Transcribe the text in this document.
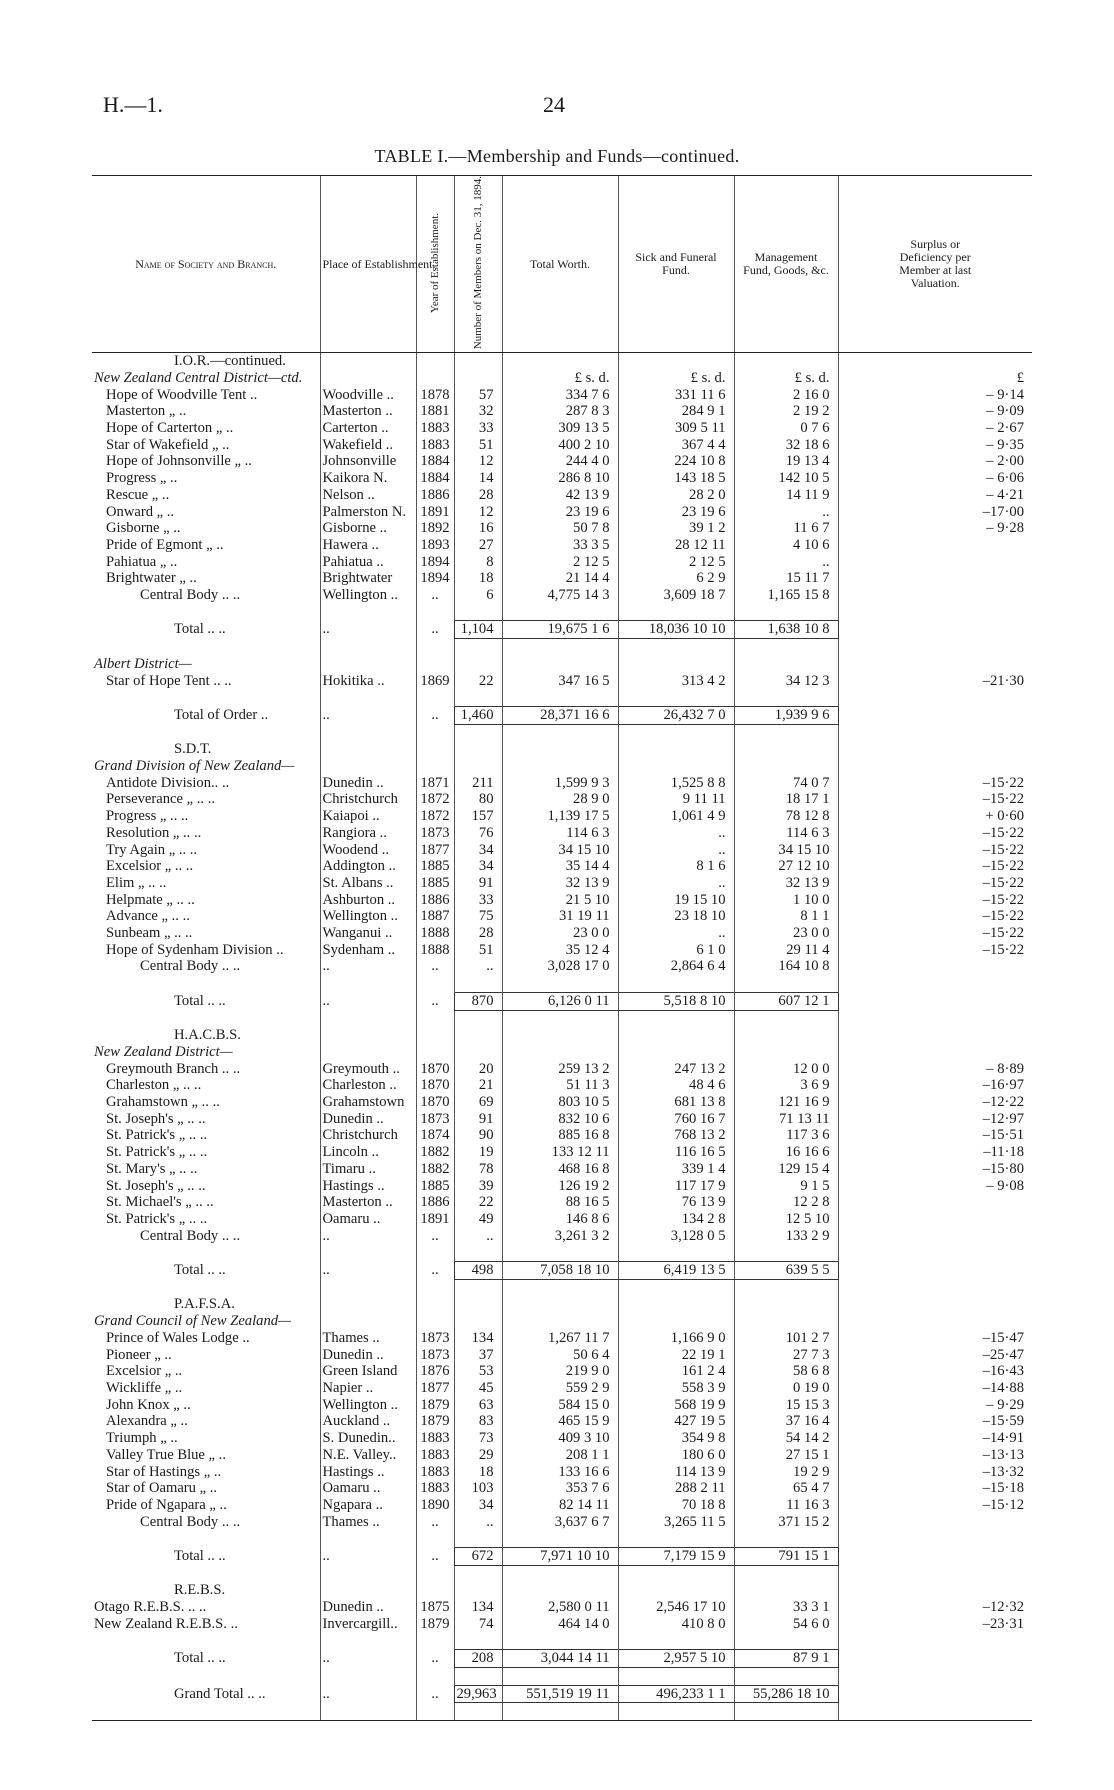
H.—1.	24
TABLE I.—Membership and Funds—continued.
Name of Society and Branch.	Place of Establishment.	Year of Establishment.	Number of Members on Dec. 31, 1894.	Total Worth.	Sick and Funeral Fund.	Management Fund, Goods, &c.	Surplus or Deficiency per Member at last Valuation.
I.O.R.—continued.							
New Zealand Central District—ctd.				£ s. d.	£ s. d.	£ s. d.	£
Hope of Woodville Tent ..	Woodville ..	1878	57	334 7 6	331 11 6	2 16 0	– 9·14
Masterton „ ..	Masterton ..	1881	32	287 8 3	284 9 1	2 19 2	– 9·09
Hope of Carterton „ ..	Carterton ..	1883	33	309 13 5	309 5 11	0 7 6	– 2·67
Star of Wakefield „ ..	Wakefield ..	1883	51	400 2 10	367 4 4	32 18 6	– 9·35
Hope of Johnsonville „ ..	Johnsonville	1884	12	244 4 0	224 10 8	19 13 4	– 2·00
Progress „ ..	Kaikora N.	1884	14	286 8 10	143 18 5	142 10 5	– 6·06
Rescue „ ..	Nelson ..	1886	28	42 13 9	28 2 0	14 11 9	– 4·21
Onward „ ..	Palmerston N.	1891	12	23 19 6	23 19 6	..	–17·00
Gisborne „ ..	Gisborne ..	1892	16	50 7 8	39 1 2	11 6 7	– 9·28
Pride of Egmont „ ..	Hawera ..	1893	27	33 3 5	28 12 11	4 10 6	
Pahiatua „ ..	Pahiatua ..	1894	8	2 12 5	2 12 5	..	
Brightwater „ ..	Brightwater	1894	18	21 14 4	6 2 9	15 11 7	
Central Body .. ..	Wellington ..	..	6	4,775 14 3	3,609 18 7	1,165 15 8	

Total .. ..	..	..	1,104	19,675 1 6	18,036 10 10	1,638 10 8	

Albert District—							
Star of Hope Tent .. ..	Hokitika ..	1869	22	347 16 5	313 4 2	34 12 3	–21·30

Total of Order ..	..	..	1,460	28,371 16 6	26,432 7 0	1,939 9 6	

S.D.T.							
Grand Division of New Zealand—							
Antidote Division.. ..	Dunedin ..	1871	211	1,599 9 3	1,525 8 8	74 0 7	–15·22
Perseverance „ .. ..	Christchurch	1872	80	28 9 0	9 11 11	18 17 1	–15·22
Progress „ .. ..	Kaiapoi ..	1872	157	1,139 17 5	1,061 4 9	78 12 8	+ 0·60
Resolution „ .. ..	Rangiora ..	1873	76	114 6 3	..	114 6 3	–15·22
Try Again „ .. ..	Woodend ..	1877	34	34 15 10	..	34 15 10	–15·22
Excelsior „ .. ..	Addington ..	1885	34	35 14 4	8 1 6	27 12 10	–15·22
Elim „ .. ..	St. Albans ..	1885	91	32 13 9	..	32 13 9	–15·22
Helpmate „ .. ..	Ashburton ..	1886	33	21 5 10	19 15 10	1 10 0	–15·22
Advance „ .. ..	Wellington ..	1887	75	31 19 11	23 18 10	8 1 1	–15·22
Sunbeam „ .. ..	Wanganui ..	1888	28	23 0 0	..	23 0 0	–15·22
Hope of Sydenham Division ..	Sydenham ..	1888	51	35 12 4	6 1 0	29 11 4	–15·22
Central Body .. ..	..	..	..	3,028 17 0	2,864 6 4	164 10 8	

Total .. ..	..	..	870	6,126 0 11	5,518 8 10	607 12 1	

H.A.C.B.S.							
New Zealand District—							
Greymouth Branch .. ..	Greymouth ..	1870	20	259 13 2	247 13 2	12 0 0	– 8·89
Charleston „ .. ..	Charleston ..	1870	21	51 11 3	48 4 6	3 6 9	–16·97
Grahamstown „ .. ..	Grahamstown	1870	69	803 10 5	681 13 8	121 16 9	–12·22
St. Joseph's „ .. ..	Dunedin ..	1873	91	832 10 6	760 16 7	71 13 11	–12·97
St. Patrick's „ .. ..	Christchurch	1874	90	885 16 8	768 13 2	117 3 6	–15·51
St. Patrick's „ .. ..	Lincoln ..	1882	19	133 12 11	116 16 5	16 16 6	–11·18
St. Mary's „ .. ..	Timaru ..	1882	78	468 16 8	339 1 4	129 15 4	–15·80
St. Joseph's „ .. ..	Hastings ..	1885	39	126 19 2	117 17 9	9 1 5	– 9·08
St. Michael's „ .. ..	Masterton ..	1886	22	88 16 5	76 13 9	12 2 8	
St. Patrick's „ .. ..	Oamaru ..	1891	49	146 8 6	134 2 8	12 5 10	
Central Body .. ..	..	..	..	3,261 3 2	3,128 0 5	133 2 9	

Total .. ..	..	..	498	7,058 18 10	6,419 13 5	639 5 5	

P.A.F.S.A.							
Grand Council of New Zealand—							
Prince of Wales Lodge ..	Thames ..	1873	134	1,267 11 7	1,166 9 0	101 2 7	–15·47
Pioneer „ ..	Dunedin ..	1873	37	50 6 4	22 19 1	27 7 3	–25·47
Excelsior „ ..	Green Island	1876	53	219 9 0	161 2 4	58 6 8	–16·43
Wickliffe „ ..	Napier ..	1877	45	559 2 9	558 3 9	0 19 0	–14·88
John Knox „ ..	Wellington ..	1879	63	584 15 0	568 19 9	15 15 3	– 9·29
Alexandra „ ..	Auckland ..	1879	83	465 15 9	427 19 5	37 16 4	–15·59
Triumph „ ..	S. Dunedin..	1883	73	409 3 10	354 9 8	54 14 2	–14·91
Valley True Blue „ ..	N.E. Valley..	1883	29	208 1 1	180 6 0	27 15 1	–13·13
Star of Hastings „ ..	Hastings ..	1883	18	133 16 6	114 13 9	19 2 9	–13·32
Star of Oamaru „ ..	Oamaru ..	1883	103	353 7 6	288 2 11	65 4 7	–15·18
Pride of Ngapara „ ..	Ngapara ..	1890	34	82 14 11	70 18 8	11 16 3	–15·12
Central Body .. ..	Thames ..	..	..	3,637 6 7	3,265 11 5	371 15 2	

Total .. ..	..	..	672	7,971 10 10	7,179 15 9	791 15 1	

R.E.B.S.							
Otago R.E.B.S. .. ..	Dunedin ..	1875	134	2,580 0 11	2,546 17 10	33 3 1	–12·32
New Zealand R.E.B.S. ..	Invercargill..	1879	74	464 14 0	410 8 0	54 6 0	–23·31

Total .. ..	..	..	208	3,044 14 11	2,957 5 10	87 9 1	

Grand Total .. ..	..	..	29,963	551,519 19 11	496,233 1 1	55,286 18 10	
